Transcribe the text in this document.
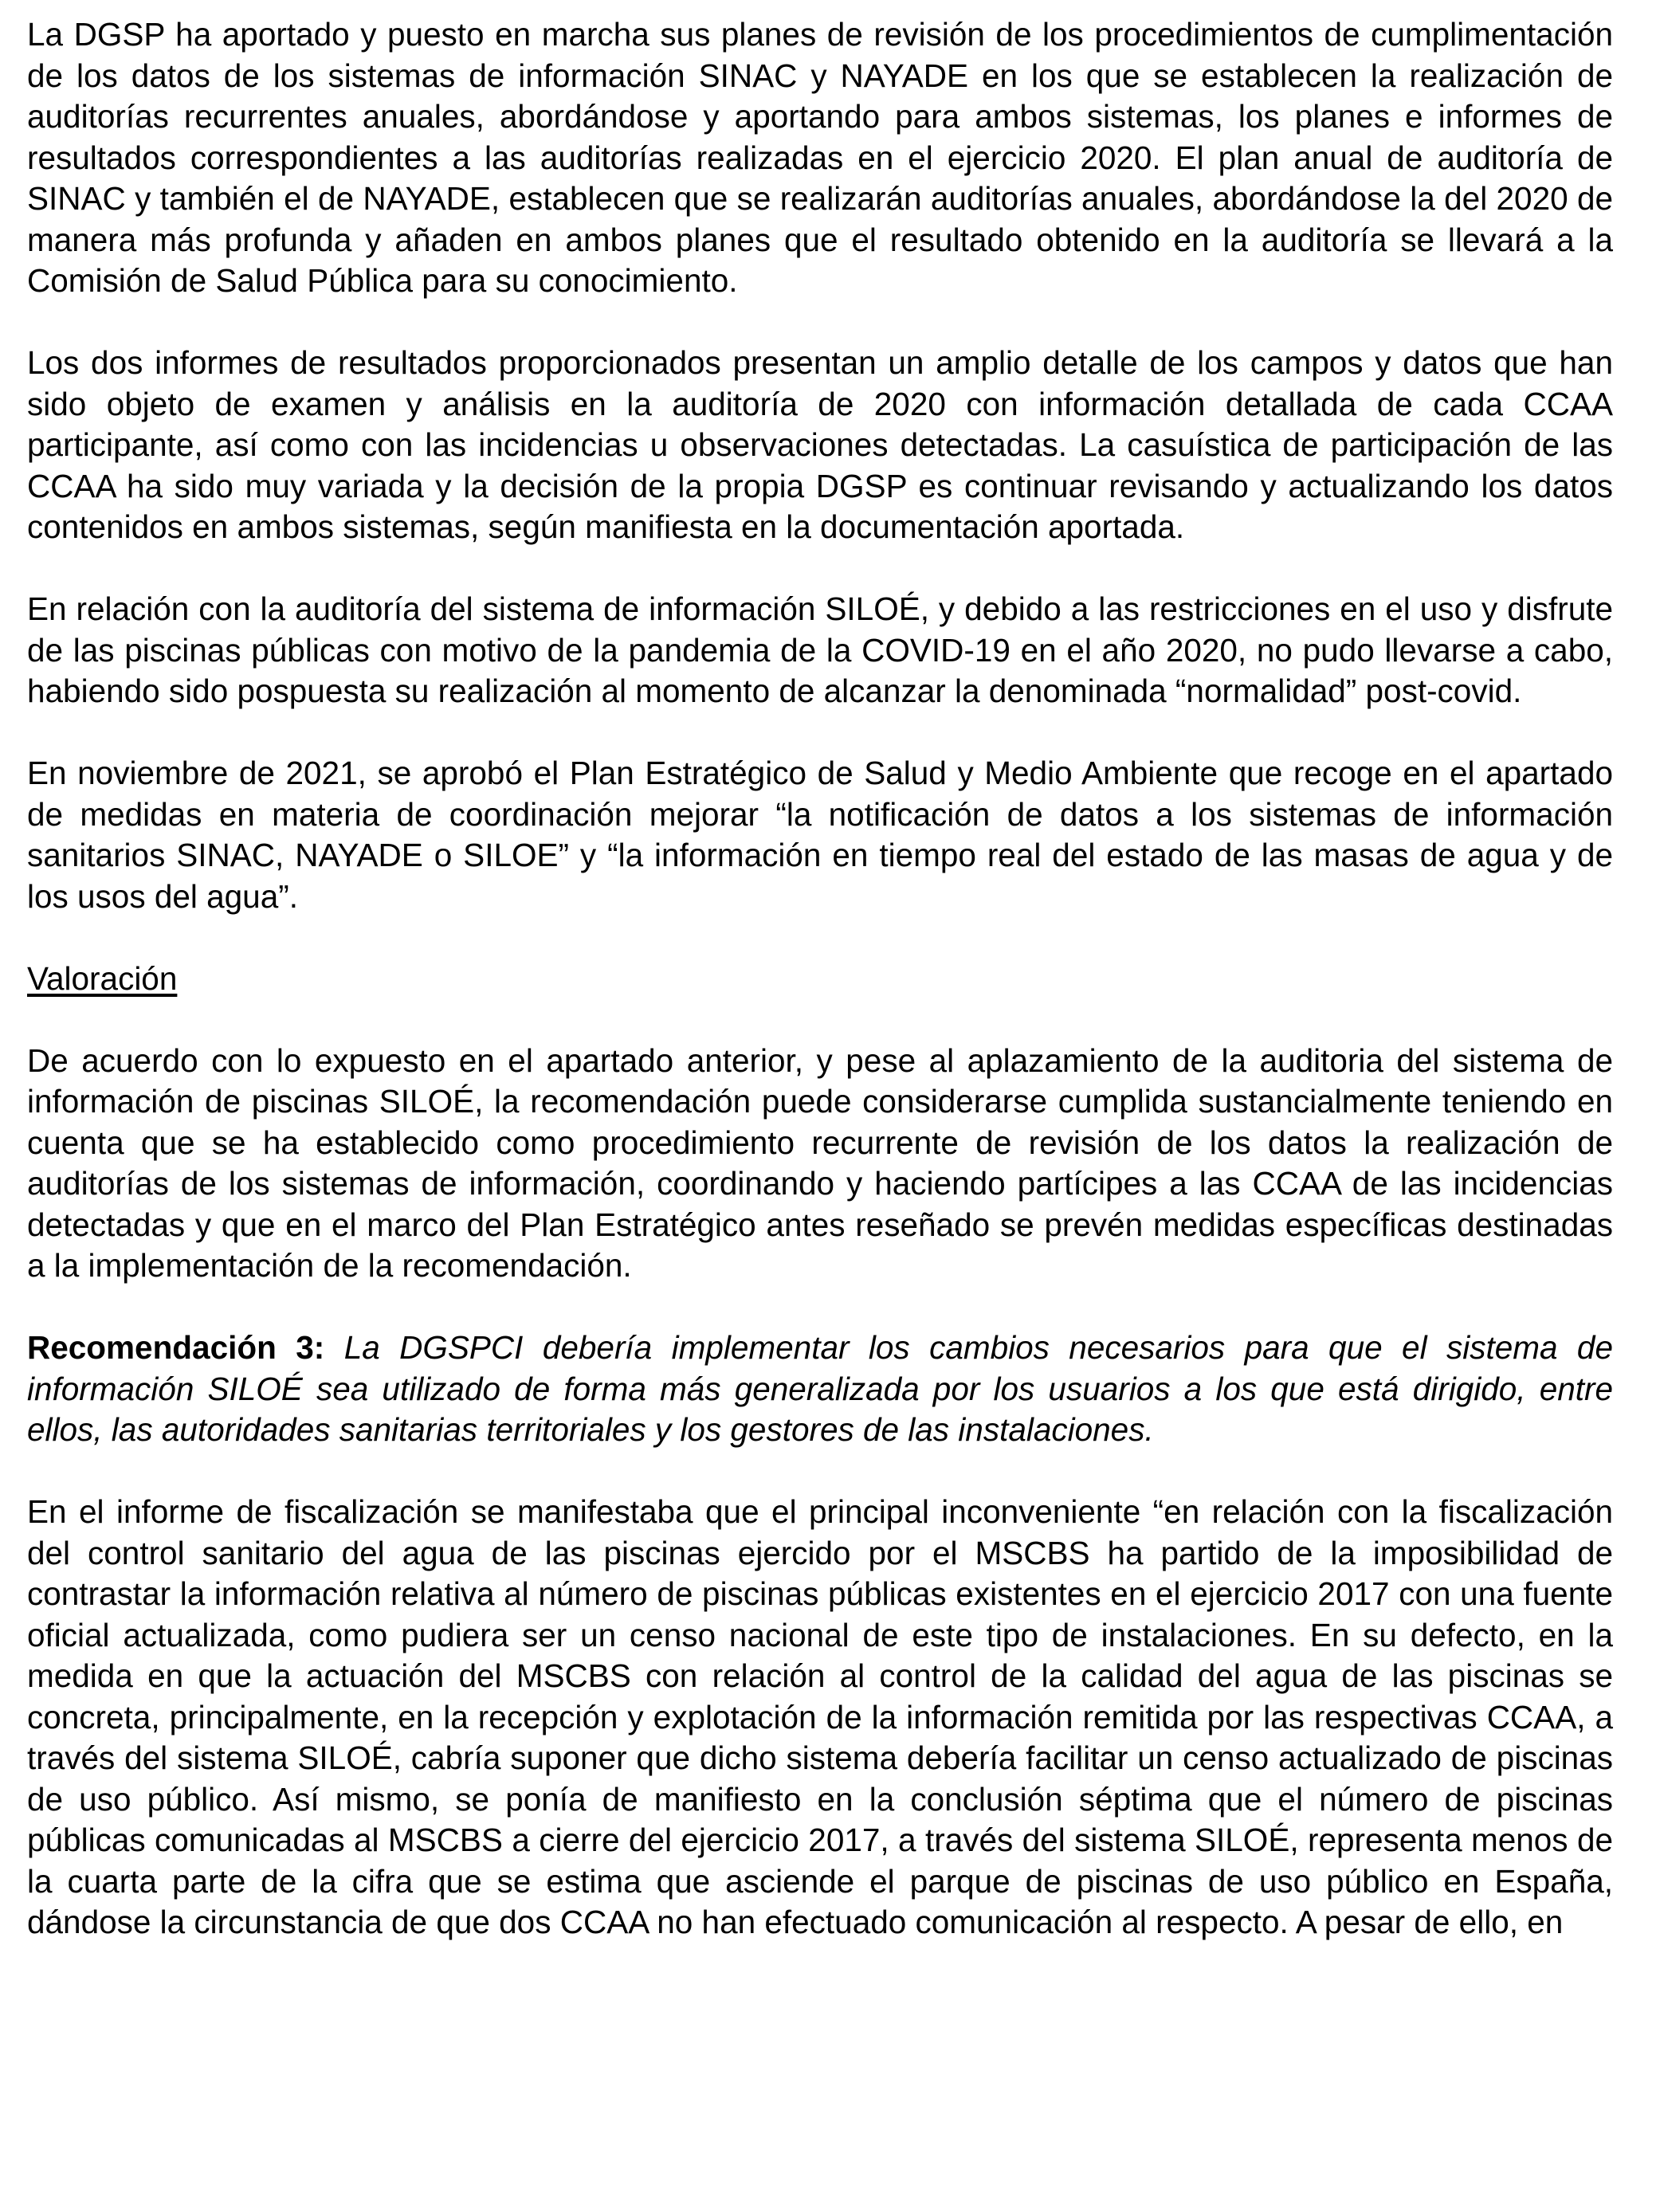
La DGSP ha aportado y puesto en marcha sus planes de revisión de los procedimientos de cumplimentación de los datos de los sistemas de información SINAC y NAYADE en los que se establecen la realización de auditorías recurrentes anuales, abordándose y aportando para ambos sistemas, los planes e informes de resultados correspondientes a las auditorías realizadas en el ejercicio 2020. El plan anual de auditoría de SINAC y también el de NAYADE, establecen que se realizarán auditorías anuales, abordándose la del 2020 de manera más profunda y añaden en ambos planes que el resultado obtenido en la auditoría se llevará a la Comisión de Salud Pública para su conocimiento.

Los dos informes de resultados proporcionados presentan un amplio detalle de los campos y datos que han sido objeto de examen y análisis en la auditoría de 2020 con información detallada de cada CCAA participante, así como con las incidencias u observaciones detectadas. La casuística de participación de las CCAA ha sido muy variada y la decisión de la propia DGSP es continuar revisando y actualizando los datos contenidos en ambos sistemas, según manifiesta en la documentación aportada.

En relación con la auditoría del sistema de información SILOÉ, y debido a las restricciones en el uso y disfrute de las piscinas públicas con motivo de la pandemia de la COVID-19 en el año 2020, no pudo llevarse a cabo, habiendo sido pospuesta su realización al momento de alcanzar la denominada “normalidad” post-covid.

En noviembre de 2021, se aprobó el Plan Estratégico de Salud y Medio Ambiente que recoge en el apartado de medidas en materia de coordinación mejorar “la notificación de datos a los sistemas de información sanitarios SINAC, NAYADE o SILOE” y “la información en tiempo real del estado de las masas de agua y de los usos del agua”.

Valoración

De acuerdo con lo expuesto en el apartado anterior, y pese al aplazamiento de la auditoria del sistema de información de piscinas SILOÉ, la recomendación puede considerarse cumplida sustancialmente teniendo en cuenta que se ha establecido como procedimiento recurrente de revisión de los datos la realización de auditorías de los sistemas de información, coordinando y haciendo partícipes a las CCAA de las incidencias detectadas y que en el marco del Plan Estratégico antes reseñado se prevén medidas específicas destinadas a la implementación de la recomendación.

Recomendación 3: La DGSPCI debería implementar los cambios necesarios para que el sistema de información SILOÉ sea utilizado de forma más generalizada por los usuarios a los que está dirigido, entre ellos, las autoridades sanitarias territoriales y los gestores de las instalaciones.

En el informe de fiscalización se manifestaba que el principal inconveniente “en relación con la fiscalización del control sanitario del agua de las piscinas ejercido por el MSCBS ha partido de la imposibilidad de contrastar la información relativa al número de piscinas públicas existentes en el ejercicio 2017 con una fuente oficial actualizada, como pudiera ser un censo nacional de este tipo de instalaciones. En su defecto, en la medida en que la actuación del MSCBS con relación al control de la calidad del agua de las piscinas se concreta, principalmente, en la recepción y explotación de la información remitida por las respectivas CCAA, a través del sistema SILOÉ, cabría suponer que dicho sistema debería facilitar un censo actualizado de piscinas de uso público. Así mismo, se ponía de manifiesto en la conclusión séptima que el número de piscinas públicas comunicadas al MSCBS a cierre del ejercicio 2017, a través del sistema SILOÉ, representa menos de la cuarta parte de la cifra que se estima que asciende el parque de piscinas de uso público en España, dándose la circunstancia de que dos CCAA no han efectuado comunicación al respecto. A pesar de ello, en
